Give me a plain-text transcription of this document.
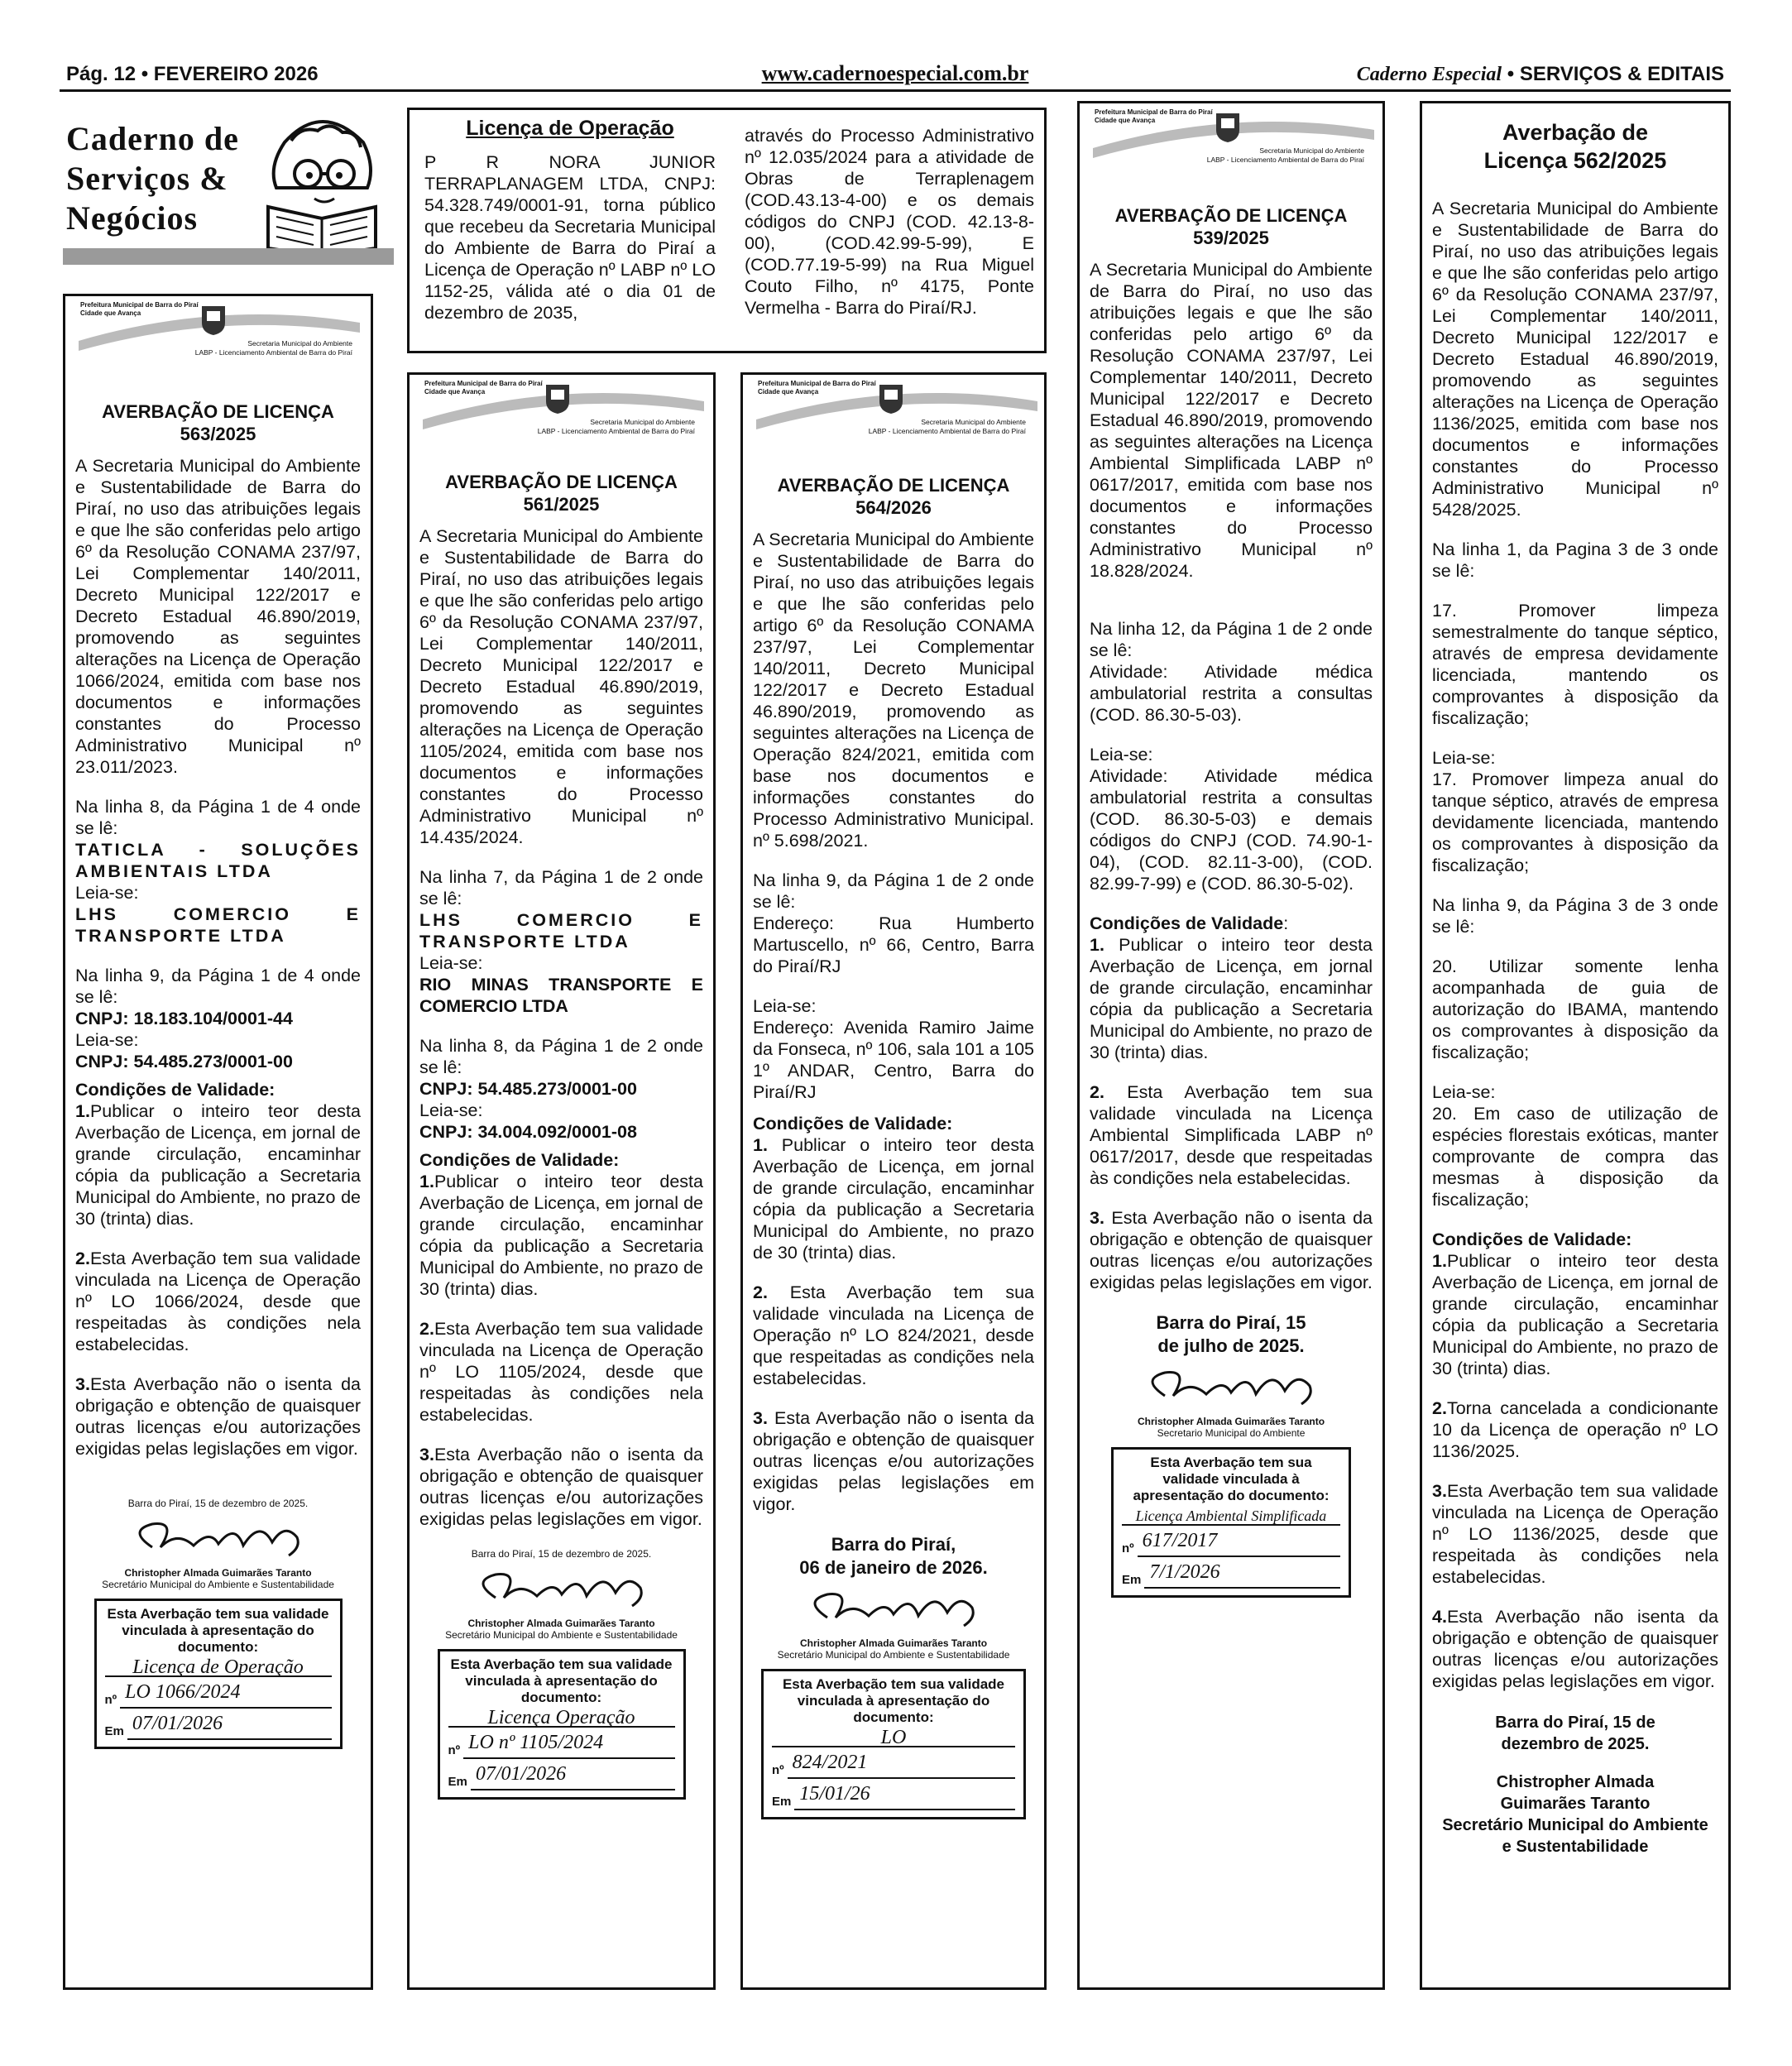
Pág. 12 • FEVEREIRO 2026	www.cadernoespecial.com.br	Caderno Especial • SERVIÇOS & EDITAIS
Caderno de
Serviços &
Negócios
Licença de Operação
P R NORA JUNIOR TERRAPLANAGEM LTDA, CNPJ: 54.328.749/0001-91, torna público que recebeu da Secretaria Municipal do Ambiente de Barra do Piraí a Licença de Operação nº LABP nº LO 1152-25, válida até o dia 01 de dezembro de 2035,
através do Processo Administrativo nº 12.035/2024 para a atividade de Obras de Terraplenagem (COD.43.13-4-00) e os demais códigos do CNPJ (COD. 42.13-8-00), (COD.42.99-5-99), E (COD.77.19-5-99) na Rua Miguel Couto Filho, nº 4175, Ponte Vermelha - Barra do Piraí/RJ.
Prefeitura Municipal de Barra do Piraí
Cidade que Avança
Secretaria Municipal do Ambiente
LABP - Licenciamento Ambiental de Barra do Piraí
AVERBAÇÃO DE LICENÇA 563/2025

A Secretaria Municipal do Ambiente e Sustentabilidade de Barra do Piraí, no uso das atribuições legais e que lhe são conferidas pelo artigo 6º da Resolução CONAMA 237/97, Lei Complementar 140/2011, Decreto Municipal 122/2017 e Decreto Estadual 46.890/2019, promovendo as seguintes alterações na Licença de Operação 1066/2024, emitida com base nos documentos e informações constantes do Processo Administrativo Municipal nº 23.011/2023.

Na linha 8, da Página 1 de 4 onde se lê:

TATICLA - SOLUÇÕES AMBIENTAIS LTDA

Leia-se:

LHS COMERCIO E TRANSPORTE LTDA

Na linha 9, da Página 1 de 4 onde se lê:

CNPJ: 18.183.104/0001-44

Leia-se:

CNPJ: 54.485.273/0001-00

Condições de Validade:

1.Publicar o inteiro teor desta Averbação de Licença, em jornal de grande circulação, encaminhar cópia da publicação a Secretaria Municipal do Ambiente, no prazo de 30 (trinta) dias.

2.Esta Averbação tem sua validade vinculada na Licença de Operação nº LO 1066/2024, desde que respeitadas às condições nela estabelecidas.

3.Esta Averbação não o isenta da obrigação e obtenção de quaisquer outras licenças e/ou autorizações exigidas pelas legislações em vigor.

Barra do Piraí, 15 de dezembro de 2025.
Christopher Almada Guimarães Taranto
Secretário Municipal do Ambiente e Sustentabilidade
Esta Averbação tem sua validade vinculada à apresentação do documento:
Licença de Operação
nº LO 1066/2024
Em 07/01/2026
Prefeitura Municipal de Barra do Piraí
Cidade que Avança
Secretaria Municipal do Ambiente
LABP - Licenciamento Ambiental de Barra do Piraí
AVERBAÇÃO DE LICENÇA 561/2025

A Secretaria Municipal do Ambiente e Sustentabilidade de Barra do Piraí, no uso das atribuições legais e que lhe são conferidas pelo artigo 6º da Resolução CONAMA 237/97, Lei Complementar 140/2011, Decreto Municipal 122/2017 e Decreto Estadual 46.890/2019, promovendo as seguintes alterações na Licença de Operação 1105/2024, emitida com base nos documentos e informações constantes do Processo Administrativo Municipal nº 14.435/2024.

Na linha 7, da Página 1 de 2 onde se lê:

LHS COMERCIO E TRANSPORTE LTDA

Leia-se:

RIO MINAS TRANSPORTE E COMERCIO LTDA

Na linha 8, da Página 1 de 2 onde se lê:

CNPJ: 54.485.273/0001-00

Leia-se:

CNPJ: 34.004.092/0001-08

Condições de Validade:

1.Publicar o inteiro teor desta Averbação de Licença, em jornal de grande circulação, encaminhar cópia da publicação a Secretaria Municipal do Ambiente, no prazo de 30 (trinta) dias.

2.Esta Averbação tem sua validade vinculada na Licença de Operação nº LO 1105/2024, desde que respeitadas às condições nela estabelecidas.

3.Esta Averbação não o isenta da obrigação e obtenção de quaisquer outras licenças e/ou autorizações exigidas pelas legislações em vigor.

Barra do Piraí, 15 de dezembro de 2025.
Christopher Almada Guimarães Taranto
Secretário Municipal do Ambiente e Sustentabilidade
Esta Averbação tem sua validade vinculada à apresentação do documento:
Licença Operação
nº LO nº 1105/2024
Em 07/01/2026
Prefeitura Municipal de Barra do Piraí
Cidade que Avança
Secretaria Municipal do Ambiente
LABP - Licenciamento Ambiental de Barra do Piraí
AVERBAÇÃO DE LICENÇA 564/2026

A Secretaria Municipal do Ambiente e Sustentabilidade de Barra do Piraí, no uso das atribuições legais e que lhe são conferidas pelo artigo 6º da Resolução CONAMA 237/97, Lei Complementar 140/2011, Decreto Municipal 122/2017 e Decreto Estadual 46.890/2019, promovendo as seguintes alterações na Licença de Operação 824/2021, emitida com base nos documentos e informações constantes do Processo Administrativo Municipal. nº 5.698/2021.

Na linha 9, da Página 1 de 2 onde se lê:

Endereço: Rua Humberto Martuscello, nº 66, Centro, Barra do Piraí/RJ

Leia-se:

Endereço: Avenida Ramiro Jaime da Fonseca, nº 106, sala 101 a 105 1º ANDAR, Centro, Barra do Piraí/RJ

Condições de Validade:

1. Publicar o inteiro teor desta Averbação de Licença, em jornal de grande circulação, encaminhar cópia da publicação a Secretaria Municipal do Ambiente, no prazo de 30 (trinta) dias.

2. Esta Averbação tem sua validade vinculada na Licença de Operação nº LO 824/2021, desde que respeitadas as condições nela estabelecidas.

3. Esta Averbação não o isenta da obrigação e obtenção de quaisquer outras licenças e/ou autorizações exigidas pelas legislações em vigor.

Barra do Piraí,
06 de janeiro de 2026.
Christopher Almada Guimarães Taranto
Secretário Municipal do Ambiente e Sustentabilidade
Esta Averbação tem sua validade vinculada à apresentação do documento:
LO
nº 824/2021
Em 15/01/26
Prefeitura Municipal de Barra do Piraí
Cidade que Avança
Secretaria Municipal do Ambiente
LABP - Licenciamento Ambiental de Barra do Piraí
AVERBAÇÃO DE LICENÇA 539/2025

A Secretaria Municipal do Ambiente de Barra do Piraí, no uso das atribuições legais e que lhe são conferidas pelo artigo 6º da Resolução CONAMA 237/97, Lei Complementar 140/2011, Decreto Municipal 122/2017 e Decreto Estadual 46.890/2019, promovendo as seguintes alterações na Licença Ambiental Simplificada LABP nº 0617/2017, emitida com base nos documentos e informações constantes do Processo Administrativo Municipal nº 18.828/2024.

Na linha 12, da Página 1 de 2 onde se lê:

Atividade: Atividade médica ambulatorial restrita a consultas (COD. 86.30-5-03).

Leia-se:

Atividade: Atividade médica ambulatorial restrita a consultas (COD. 86.30-5-03) e demais códigos do CNPJ (COD. 74.90-1-04), (COD. 82.11-3-00), (COD. 82.99-7-99) e (COD. 86.30-5-02).

Condições de Validade:

1. Publicar o inteiro teor desta Averbação de Licença, em jornal de grande circulação, encaminhar cópia da publicação a Secretaria Municipal do Ambiente, no prazo de 30 (trinta) dias.

2. Esta Averbação tem sua validade vinculada na Licença Ambiental Simplificada LABP nº 0617/2017, desde que respeitadas às condições nela estabelecidas.

3. Esta Averbação não o isenta da obrigação e obtenção de quaisquer outras licenças e/ou autorizações exigidas pelas legislações em vigor.

Barra do Piraí, 15
de julho de 2025.
Christopher Almada Guimarães Taranto
Secretario Municipal do Ambiente
Esta Averbação tem sua validade vinculada à apresentação do documento:
Licença Ambiental Simplificada
nº 617/2017
Em 7/1/2026
Averbação de
Licença 562/2025

A Secretaria Municipal do Ambiente e Sustentabilidade de Barra do Piraí, no uso das atribuições legais e que lhe são conferidas pelo artigo 6º da Resolução CONAMA 237/97, Lei Complementar 140/2011, Decreto Municipal 122/2017 e Decreto Estadual 46.890/2019, promovendo as seguintes alterações na Licença de Operação 1136/2025, emitida com base nos documentos e informações constantes do Processo Administrativo Municipal nº 5428/2025.

Na linha 1, da Pagina 3 de 3 onde se lê:

17. Promover limpeza semestralmente do tanque séptico, através de empresa devidamente licenciada, mantendo os comprovantes à disposição da fiscalização;

Leia-se:

17. Promover limpeza anual do tanque séptico, através de empresa devidamente licenciada, mantendo os comprovantes à disposição da fiscalização;

Na linha 9, da Página 3 de 3 onde se lê:

20. Utilizar somente lenha acompanhada de guia de autorização do IBAMA, mantendo os comprovantes à disposição da fiscalização;

Leia-se:

20. Em caso de utilização de espécies florestais exóticas, manter comprovante de compra das mesmas à disposição da fiscalização;

Condições de Validade:

1.Publicar o inteiro teor desta Averbação de Licença, em jornal de grande circulação, encaminhar cópia da publicação a Secretaria Municipal do Ambiente, no prazo de 30 (trinta) dias.

2.Torna cancelada a condicionante 10 da Licença de operação nº LO 1136/2025.

3.Esta Averbação tem sua validade vinculada na Licença de Operação nº LO 1136/2025, desde que respeitada às condições nela estabelecidas.

4.Esta Averbação não isenta da obrigação e obtenção de quaisquer outras licenças e/ou autorizações exigidas pelas legislações em vigor.

Barra do Piraí, 15 de
dezembro de 2025.
Chistropher Almada
Guimarães Taranto
Secretário Municipal do Ambiente
e Sustentabilidade
